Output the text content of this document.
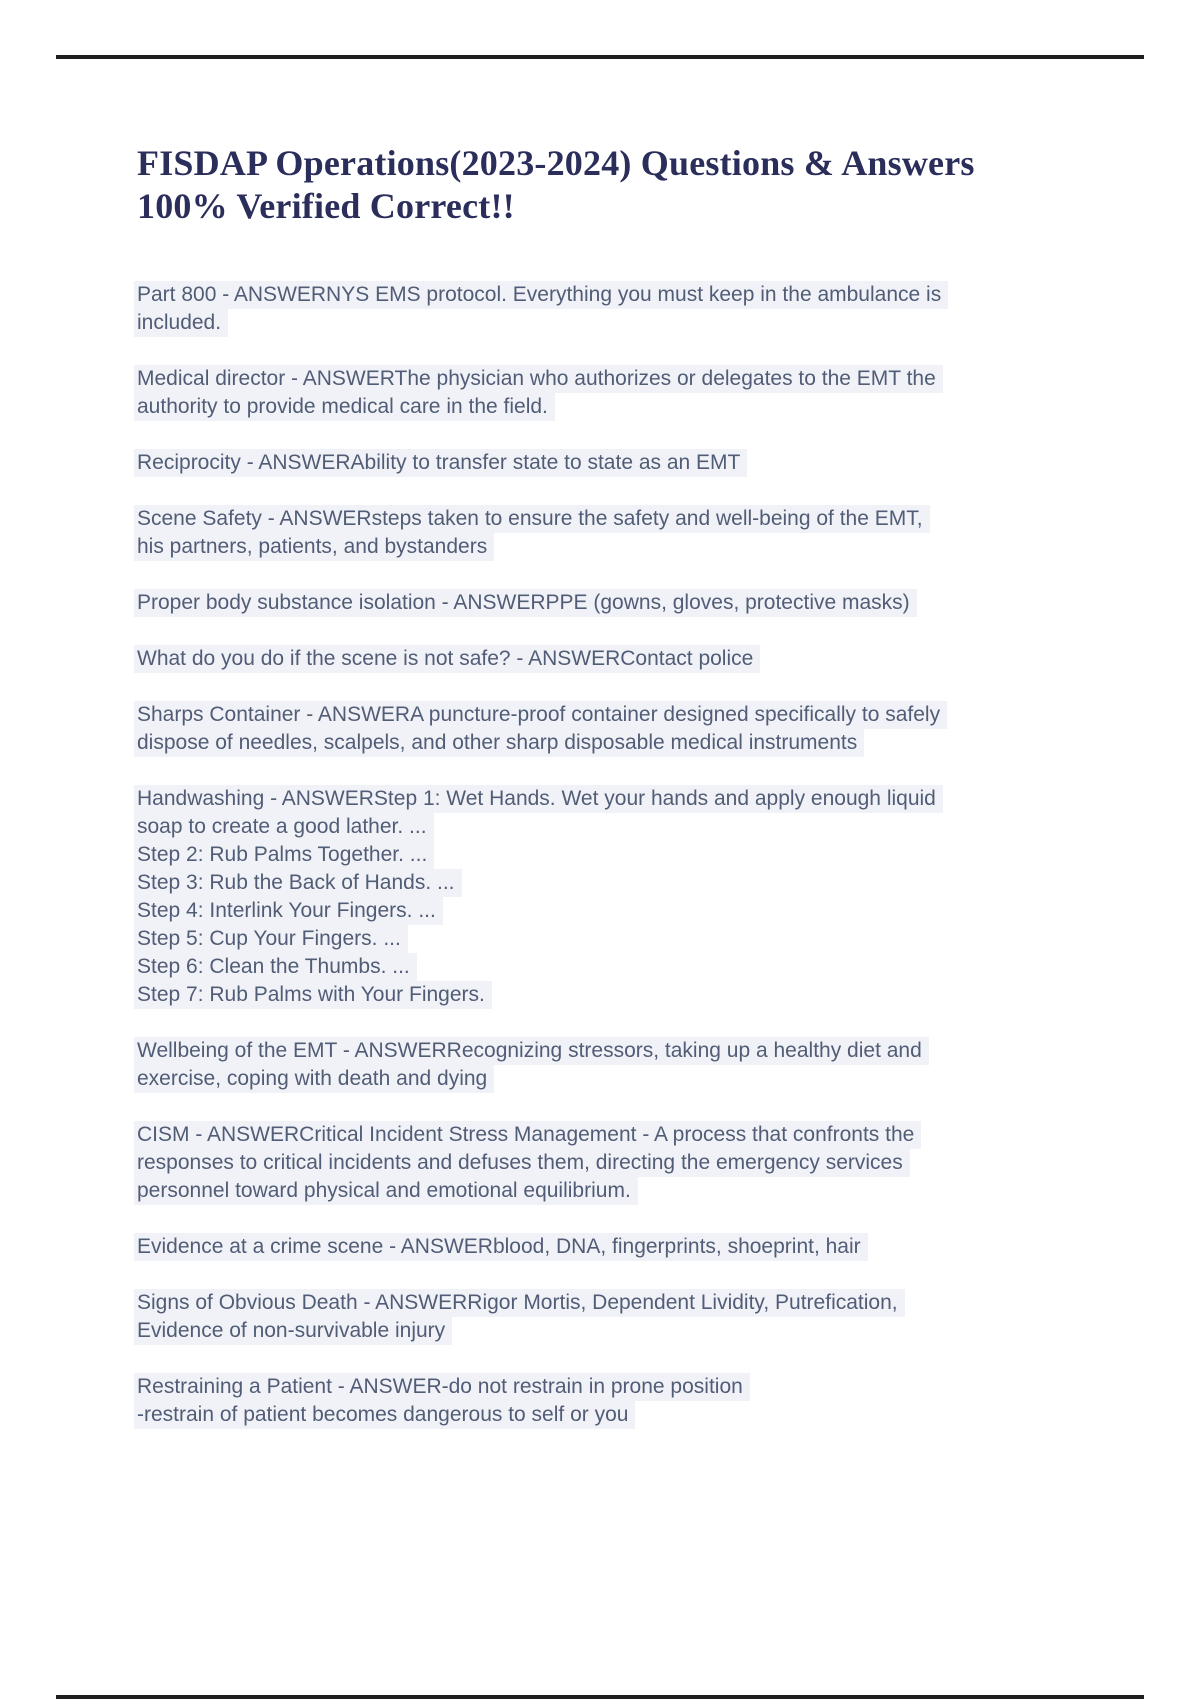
FISDAP Operations(2023-2024) Questions & Answers
100% Verified Correct!!
Part 800 - ANSWERNYS EMS protocol. Everything you must keep in the ambulance is
included.
Medical director - ANSWERThe physician who authorizes or delegates to the EMT the
authority to provide medical care in the field.
Reciprocity - ANSWERAbility to transfer state to state as an EMT
Scene Safety - ANSWERsteps taken to ensure the safety and well-being of the EMT,
his partners, patients, and bystanders
Proper body substance isolation - ANSWERPPE (gowns, gloves, protective masks)
What do you do if the scene is not safe? - ANSWERContact police
Sharps Container - ANSWERA puncture-proof container designed specifically to safely
dispose of needles, scalpels, and other sharp disposable medical instruments
Handwashing - ANSWERStep 1: Wet Hands. Wet your hands and apply enough liquid
soap to create a good lather. ...
Step 2: Rub Palms Together. ...
Step 3: Rub the Back of Hands. ...
Step 4: Interlink Your Fingers. ...
Step 5: Cup Your Fingers. ...
Step 6: Clean the Thumbs. ...
Step 7: Rub Palms with Your Fingers.
Wellbeing of the EMT - ANSWERRecognizing stressors, taking up a healthy diet and
exercise, coping with death and dying
CISM - ANSWERCritical Incident Stress Management - A process that confronts the
responses to critical incidents and defuses them, directing the emergency services
personnel toward physical and emotional equilibrium.
Evidence at a crime scene - ANSWERblood, DNA, fingerprints, shoeprint, hair
Signs of Obvious Death - ANSWERRigor Mortis, Dependent Lividity, Putrefication,
Evidence of non-survivable injury
Restraining a Patient - ANSWER-do not restrain in prone position
-restrain of patient becomes dangerous to self or you
